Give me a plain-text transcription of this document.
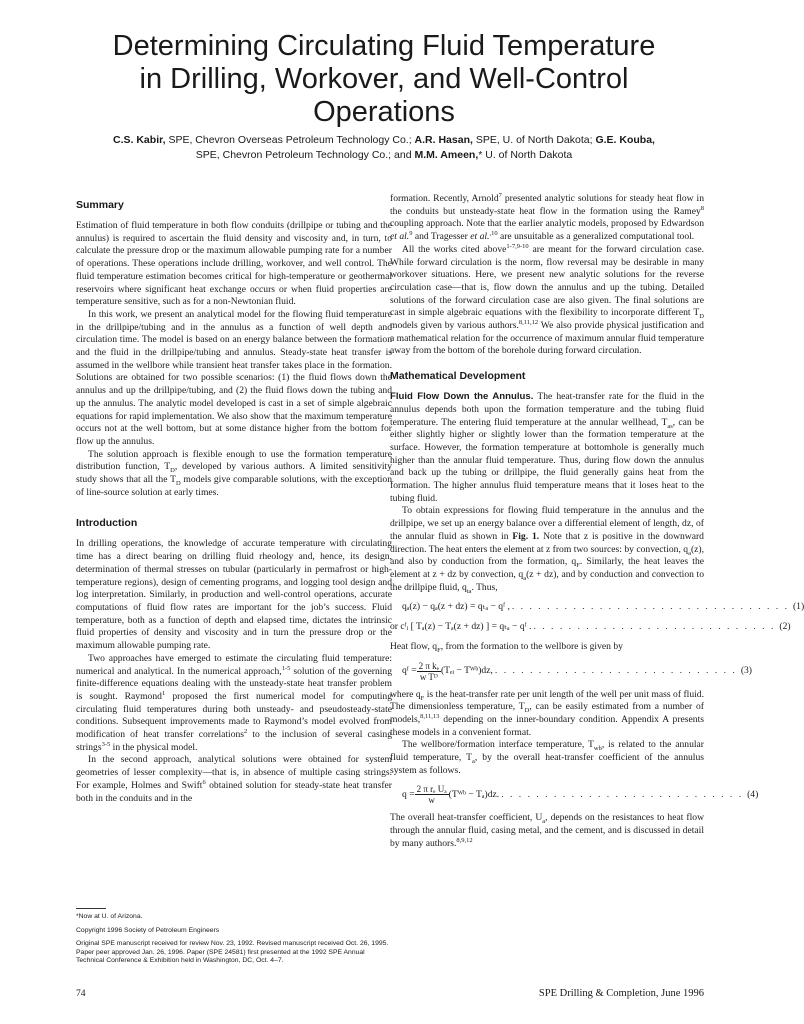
Determining Circulating Fluid Temperature
in Drilling, Workover, and Well-Control
Operations
C.S. Kabir, SPE, Chevron Overseas Petroleum Technology Co.; A.R. Hasan, SPE, U. of North Dakota; G.E. Kouba,
SPE, Chevron Petroleum Technology Co.; and M.M. Ameen,* U. of North Dakota
Summary

Estimation of fluid temperature in both flow conduits (drillpipe or tubing and the annulus) is required to ascertain the fluid density and viscosity and, in turn, to calculate the pressure drop or the maximum allowable pumping rate for a number of operations. These operations include drilling, workover, and well control. The fluid temperature estimation becomes critical for high-temperature or geothermal reservoirs where significant heat exchange occurs or when fluid properties are temperature sensitive, such as for a non-Newtonian fluid.

In this work, we present an analytical model for the flowing fluid temperature in the drillpipe/tubing and in the annulus as a function of well depth and circulation time. The model is based on an energy balance between the formation and the fluid in the drillpipe/tubing and annulus. Steady-state heat transfer is assumed in the wellbore while transient heat transfer takes place in the formation. Solutions are obtained for two possible scenarios: (1) the fluid flows down the annulus and up the drillpipe/tubing, and (2) the fluid flows down the tubing and up the annulus. The analytic model developed is cast in a set of simple algebraic equations for rapid implementation. We also show that the maximum temperature occurs not at the well bottom, but at some distance higher from the bottom for flow up the annulus.

The solution approach is flexible enough to use the formation temperature distribution function, $T_D$, developed by various authors. A limited sensitivity study shows that all the $T_D$ models give comparable solutions, with the exception of line-source solution at early times.

Introduction

In drilling operations, the knowledge of accurate temperature with circulating time has a direct bearing on drilling fluid rheology and, hence, its design, determination of thermal stresses on tubular (particularly in permafrost or high-temperature regions), design of cementing programs, and logging tool design and log interpretation. Similarly, in production and well-control operations, accurate computations of fluid flow rates are important for the job’s success. Fluid temperature, both as a function of depth and elapsed time, dictates the intrinsic fluid properties of density and viscosity and in turn the pressure drop or the maximum allowable pumping rate.

Two approaches have emerged to estimate the circulating fluid temperature: numerical and analytical. In the numerical approach,$^{1-5}$ solution of the governing finite-difference equations dealing with the unsteady-state heat transfer problem is sought. Raymond$^1$ proposed the first numerical model for computing circulating fluid temperatures during both unsteady- and pseudosteady-state conditions. Subsequent improvements made to Raymond’s model evolved from modification of heat transfer correlations$^2$ to the inclusion of several casing strings$^{3-5}$ in the physical model.

In the second approach, analytical solutions were obtained for system geometries of lesser complexity—that is, in absence of multiple casing strings. For example, Holmes and Swift$^6$ obtained solution for steady-state heat transfer both in the conduits and in the

formation. Recently, Arnold$^7$ presented analytic solutions for steady heat flow in the conduits but unsteady-state heat flow in the formation using the Ramey$^8$ coupling approach. Note that the earlier analytic models, proposed by Edwardson et al.$^9$ and Tragesser et al.$^{,10}$ are unsuitable as a generalized computational tool.

All the works cited above$^{1-7,9-10}$ are meant for the forward circulation case. While forward circulation is the norm, flow reversal may be desirable in many workover situations. Here, we present new analytic solutions for the reverse circulation case—that is, flow down the annulus and up the tubing. Detailed solutions of the forward circulation case are also given. The final solutions are cast in simple algebraic equations with the flexibility to incorporate different $T_D$ models given by various authors.$^{8,11,12}$ We also provide physical justification and a mathematical relation for the occurrence of maximum annular fluid temperature away from the bottom of the borehole during forward circulation.

Mathematical Development

Fluid Flow Down the Annulus. The heat-transfer rate for the fluid in the annulus depends both upon the formation temperature and the tubing fluid temperature. The entering fluid temperature at the annular wellhead, $T_{as}$, can be either slightly higher or slightly lower than the formation temperature at the surface. However, the formation temperature at bottomhole is generally much higher than the annular fluid temperature. Thus, during flow down the annulus and back up the tubing or drillpipe, the fluid generally gains heat from the formation. The higher annulus fluid temperature means that it loses heat to the tubing fluid.

To obtain expressions for flowing fluid temperature in the annulus and the drillpipe, we set up an energy balance over a differential element of length, dz, of the annular fluid as shown in Fig. 1. Note that z is positive in the downward direction. The heat enters the element at z from two sources: by convection, $q_a(z)$, and also by conduction from the formation, $q_F$. Similarly, the heat leaves the element at z + dz by convection, $q_a(z + dz)$, and by conduction and convection to the drillpipe fluid, $q_{ta}$. Thus,

qₐ(z) − qₐ(z + dz) = qₜₐ − qᶠ , . . . . . . . . . . . . . . . . . . . . . . . . . . . . . . . . (1)
or cᶠᵢ [ Tₐ(z) − Tₐ(z + dz) ] = qₜₐ − qᶠ . . . . . . . . . . . . . . . . . . . . . . . . . . . . . (2)

Heat flow, $q_F$, from the formation to the wellbore is given by

qᶠ = $\frac{\text{2 π kₑ}}{\text{w Tᴰ}}$ (Tₑᵢ − Tᵂᵇ)dz, . . . . . . . . . . . . . . . . . . . . . . . . . . . . (3)

where $q_F$ is the heat-transfer rate per unit length of the well per unit mass of fluid. The dimensionless temperature, $T_D$, can be easily estimated from a number of models,$^{8,11,13}$ depending on the inner-boundary condition. Appendix A presents these models in a convenient format.

The wellbore/formation interface temperature, $T_{wb}$, is related to the annular fluid temperature, $T_a$, by the overall heat-transfer coefficient of the annulus system as follows.

$q = \frac{\text{2 π rₑ Uₐ}}{w}$ (Tᵂᵇ − Tₐ)dz. . . . . . . . . . . . . . . . . . . . . . . . . . . . . (4)

The overall heat-transfer coefficient, $U_a$, depends on the resistances to heat flow through the annular fluid, casing metal, and the cement, and is discussed in detail by many authors.$^{8,9,12}$

*Now at U. of Arizona.

Copyright 1996 Society of Petroleum Engineers

Original SPE manuscript received for review Nov. 23, 1992. Revised manuscript received Oct. 26, 1995. Paper peer approved Jan. 26, 1996. Paper (SPE 24581) first presented at the 1992 SPE Annual Technical Conference & Exhibition held in Washington, DC, Oct. 4–7.

74	SPE Drilling & Completion, June 1996
